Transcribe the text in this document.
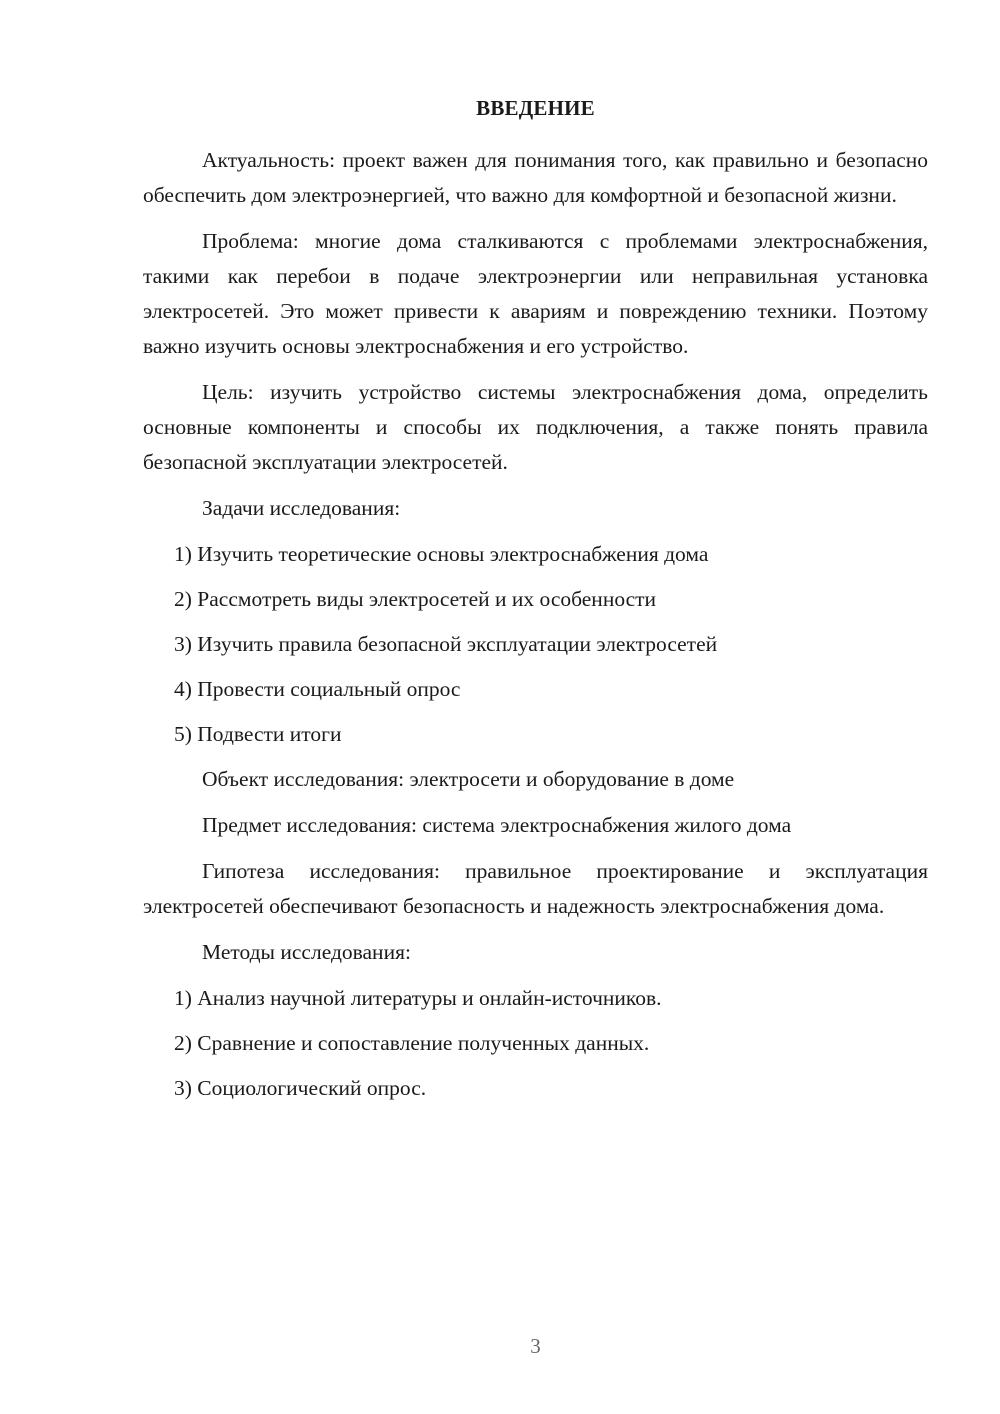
ВВЕДЕНИЕ

Актуальность: проект важен для понимания того, как правильно и безопасно обеспечить дом электроэнергией, что важно для комфортной и безопасной жизни.

Проблема: многие дома сталкиваются с проблемами электроснабжения, такими как перебои в подаче электроэнергии или неправильная установка электросетей. Это может привести к авариям и повреждению техники. Поэтому важно изучить основы электроснабжения и его устройство.

Цель: изучить устройство системы электроснабжения дома, определить основные компоненты и способы их подключения, а также понять правила безопасной эксплуатации электросетей.

Задачи исследования:

1) Изучить теоретические основы электроснабжения дома
2) Рассмотреть виды электросетей и их особенности
3) Изучить правила безопасной эксплуатации электросетей
4) Провести социальный опрос
5) Подвести итоги

Объект исследования: электросети и оборудование в доме

Предмет исследования: система электроснабжения жилого дома

Гипотеза исследования: правильное проектирование и эксплуатация электросетей обеспечивают безопасность и надежность электроснабжения дома.

Методы исследования:

1) Анализ научной литературы и онлайн-источников.
2) Сравнение и сопоставление полученных данных.
3) Социологический опрос.
3
